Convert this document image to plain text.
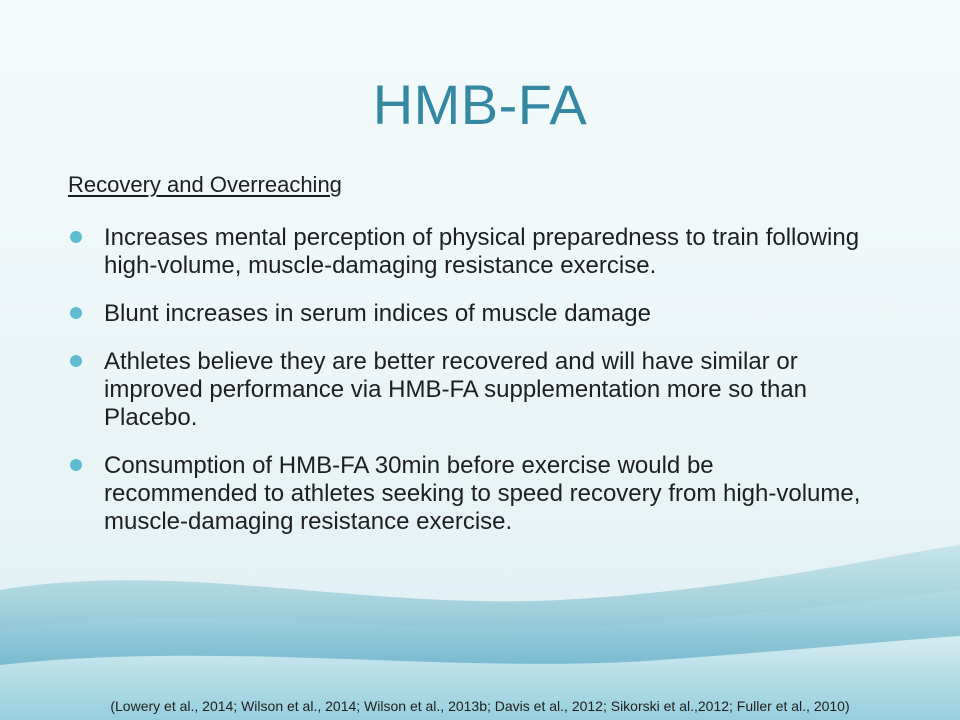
HMB-FA
Recovery and Overreaching
Increases mental perception of physical preparedness to train following high-volume, muscle-damaging resistance exercise.
Blunt increases in serum indices of muscle damage
Athletes believe they are better recovered and will have similar or improved performance via HMB-FA supplementation more so than Placebo.
Consumption of HMB-FA 30min before exercise would be recommended to athletes seeking to speed recovery from high-volume, muscle-damaging resistance exercise.
(Lowery et al., 2014; Wilson et al., 2014; Wilson et al., 2013b; Davis et al., 2012; Sikorski et al.,2012; Fuller et al., 2010)
